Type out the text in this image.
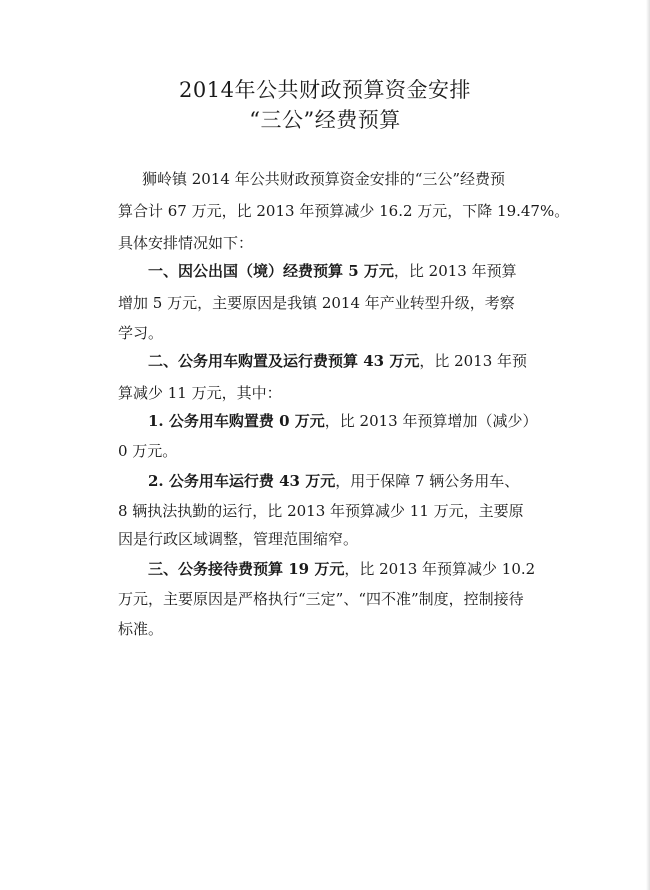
2014年公共财政预算资金安排
“三公”经费预算
狮岭镇 2014 年公共财政预算资金安排的“三公”经费预
算合计 67 万元，比 2013 年预算减少 16.2 万元，下降 19.47%。
具体安排情况如下：
一、因公出国（境）经费预算 5 万元，比 2013 年预算
增加 5 万元，主要原因是我镇 2014 年产业转型升级，考察
学习。
二、公务用车购置及运行费预算 43 万元，比 2013 年预
算减少 11 万元，其中：
1. 公务用车购置费 0 万元，比 2013 年预算增加（减少）
0 万元。
2. 公务用车运行费 43 万元，用于保障 7 辆公务用车、
8 辆执法执勤的运行，比 2013 年预算减少 11 万元，主要原
因是行政区域调整，管理范围缩窄。
三、公务接待费预算 19 万元，比 2013 年预算减少 10.2
万元，主要原因是严格执行“三定”、“四不准”制度，控制接待
标准。
